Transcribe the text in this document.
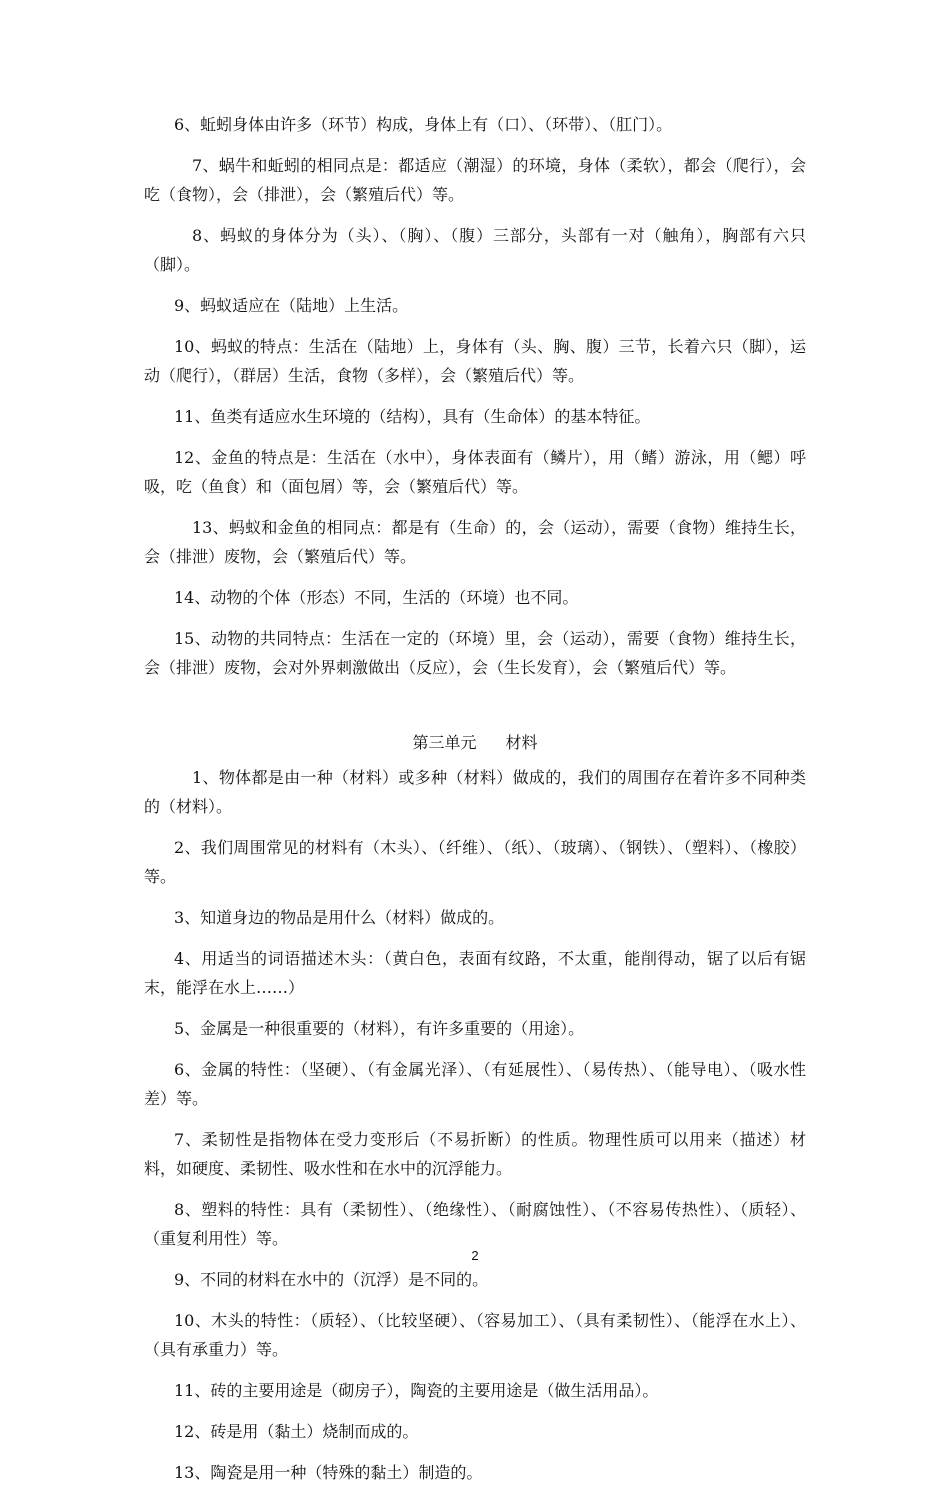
6、蚯蚓身体由许多（环节）构成，身体上有（口）、（环带）、（肛门）。

7、蜗牛和蚯蚓的相同点是：都适应（潮湿）的环境，身体（柔软），都会（爬行），会吃（食物），会（排泄），会（繁殖后代）等。

8、蚂蚁的身体分为（头）、（胸）、（腹）三部分，头部有一对（触角），胸部有六只（脚）。

9、蚂蚁适应在（陆地）上生活。

10、蚂蚁的特点：生活在（陆地）上，身体有（头、胸、腹）三节，长着六只（脚），运动（爬行），（群居）生活，食物（多样），会（繁殖后代）等。

11、鱼类有适应水生环境的（结构），具有（生命体）的基本特征。

12、金鱼的特点是：生活在（水中），身体表面有（鳞片），用（鳍）游泳，用（鳃）呼吸，吃（鱼食）和（面包屑）等，会（繁殖后代）等。

13、蚂蚁和金鱼的相同点：都是有（生命）的，会（运动），需要（食物）维持生长，会（排泄）废物，会（繁殖后代）等。

14、动物的个体（形态）不同，生活的（环境）也不同。

15、动物的共同特点：生活在一定的（环境）里，会（运动），需要（食物）维持生长，会（排泄）废物，会对外界刺激做出（反应），会（生长发育），会（繁殖后代）等。

第三单元 材料

1、物体都是由一种（材料）或多种（材料）做成的，我们的周围存在着许多不同种类的（材料）。

2、我们周围常见的材料有（木头）、（纤维）、（纸）、（玻璃）、（钢铁）、（塑料）、（橡胶）等。

3、知道身边的物品是用什么（材料）做成的。

4、用适当的词语描述木头：（黄白色，表面有纹路，不太重，能削得动，锯了以后有锯末，能浮在水上……）

5、金属是一种很重要的（材料），有许多重要的（用途）。

6、金属的特性：（坚硬）、（有金属光泽）、（有延展性）、（易传热）、（能导电）、（吸水性差）等。

7、柔韧性是指物体在受力变形后（不易折断）的性质。物理性质可以用来（描述）材料，如硬度、柔韧性、吸水性和在水中的沉浮能力。

8、塑料的特性：具有（柔韧性）、（绝缘性）、（耐腐蚀性）、（不容易传热性）、（质轻）、（重复利用性）等。

9、不同的材料在水中的（沉浮）是不同的。

10、木头的特性：（质轻）、（比较坚硬）、（容易加工）、（具有柔韧性）、（能浮在水上）、（具有承重力）等。

11、砖的主要用途是（砌房子），陶瓷的主要用途是（做生活用品）。

12、砖是用（黏土）烧制而成的。

13、陶瓷是用一种（特殊的黏土）制造的。

2
